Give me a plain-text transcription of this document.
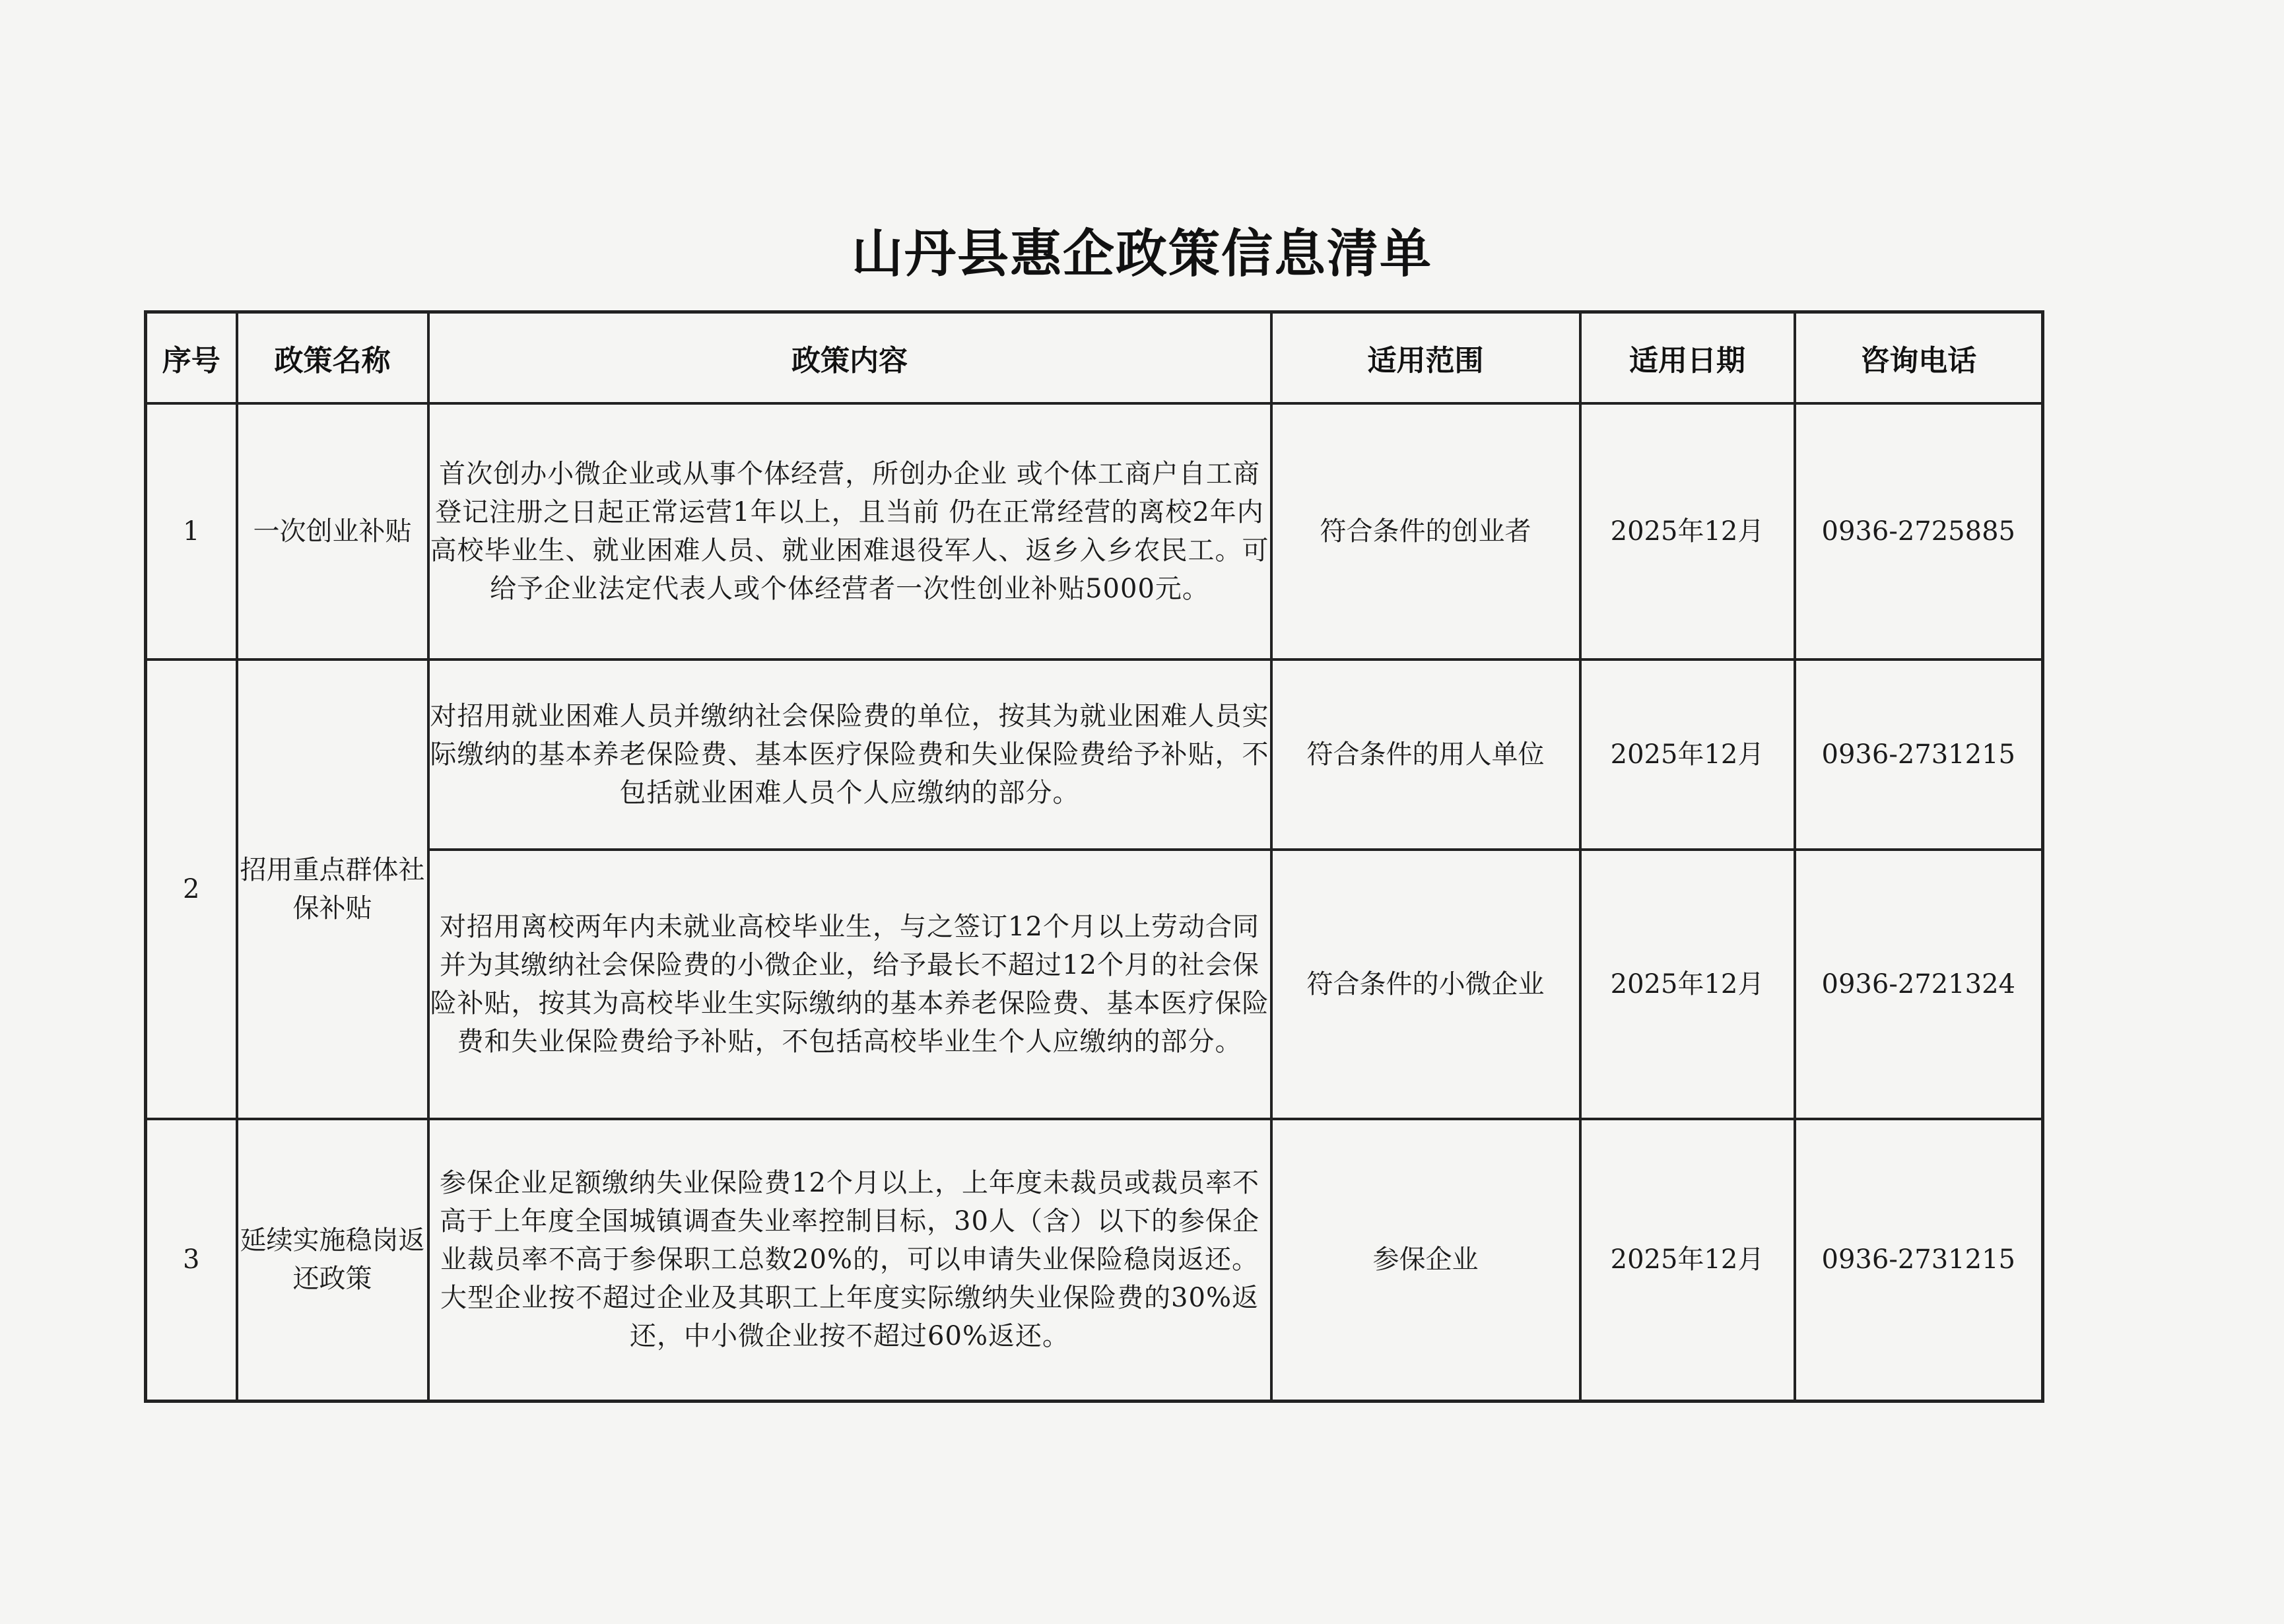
山丹县惠企政策信息清单
序号	政策名称	政策内容	适用范围	适用日期	咨询电话
1	一次创业补贴	首次创办小微企业或从事个体经营，所创办企业 或个体工商户自工商登记注册之日起正常运营1年以上，且当前 仍在正常经营的离校2年内高校毕业生、就业困难人员、就业困难退役军人、返乡入乡农民工。可给予企业法定代表人或个体经营者一次性创业补贴5000元。	符合条件的创业者	2025年12月	0936-2725885
2	招用重点群体社保补贴	对招用就业困难人员并缴纳社会保险费的单位，按其为就业困难人员实际缴纳的基本养老保险费、基本医疗保险费和失业保险费给予补贴，不包括就业困难人员个人应缴纳的部分。	符合条件的用人单位	2025年12月	0936-2731215
		对招用离校两年内未就业高校毕业生，与之签订12个月以上劳动合同并为其缴纳社会保险费的小微企业，给予最长不超过12个月的社会保险补贴，按其为高校毕业生实际缴纳的基本养老保险费、基本医疗保险费和失业保险费给予补贴，不包括高校毕业生个人应缴纳的部分。	符合条件的小微企业	2025年12月	0936-2721324
3	延续实施稳岗返还政策	参保企业足额缴纳失业保险费12个月以上，上年度未裁员或裁员率不高于上年度全国城镇调查失业率控制目标，30人（含）以下的参保企业裁员率不高于参保职工总数20%的，可以申请失业保险稳岗返还。大型企业按不超过企业及其职工上年度实际缴纳失业保险费的30%返还，中小微企业按不超过60%返还。	参保企业	2025年12月	0936-2731215
